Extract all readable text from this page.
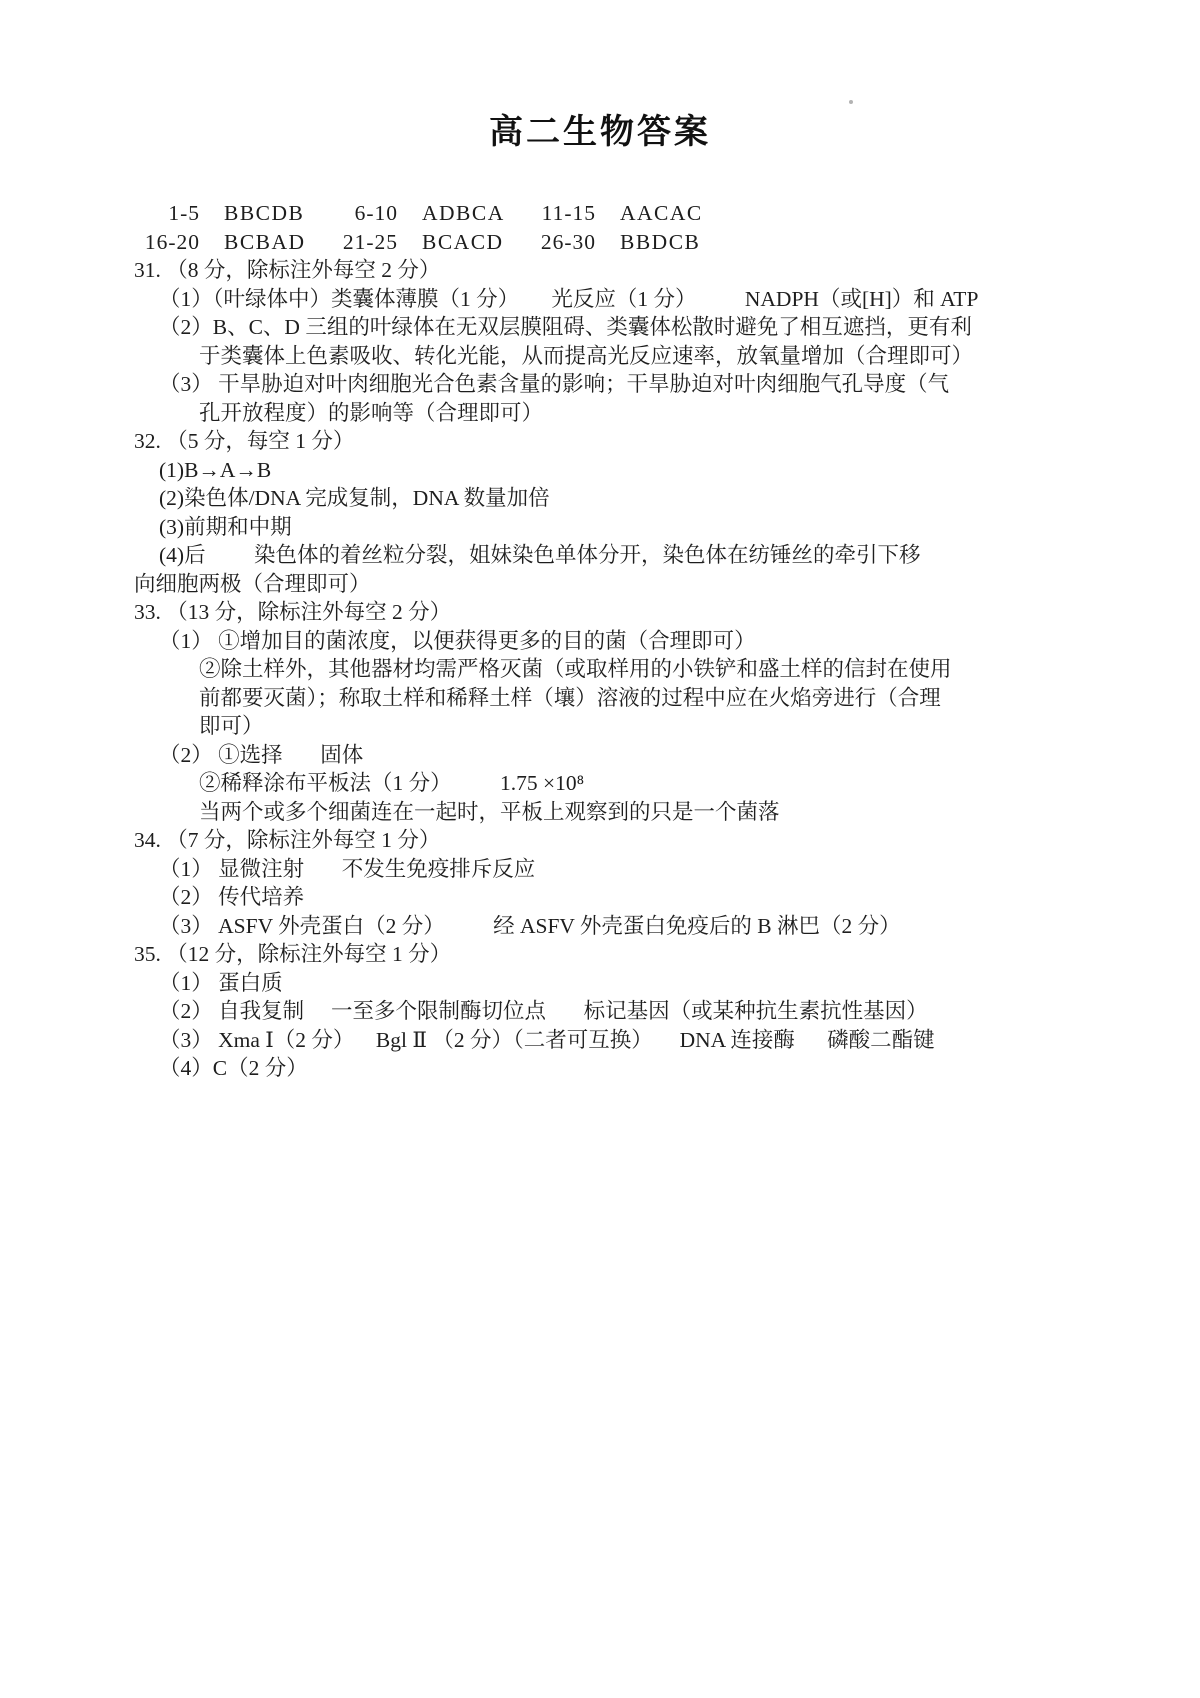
高二生物答案
1-5 BBCDB	6-10 ADBCA	11-15 AACAC
16-20 BCBAD	21-25 BCACD	26-30 BBDCB
31. （8 分，除标注外每空 2 分）
（1）（叶绿体中）类囊体薄膜（1 分）      光反应（1 分）         NADPH（或[H]）和 ATP
（2）B、C、D 三组的叶绿体在无双层膜阻碍、类囊体松散时避免了相互遮挡，更有利
于类囊体上色素吸收、转化光能，从而提高光反应速率，放氧量增加（合理即可）
（3） 干旱胁迫对叶肉细胞光合色素含量的影响；干旱胁迫对叶肉细胞气孔导度（气
孔开放程度）的影响等（合理即可）
32. （5 分，每空 1 分）
(1)B→A→B
(2)染色体/DNA 完成复制，DNA 数量加倍
(3)前期和中期
(4)后         染色体的着丝粒分裂，姐妹染色单体分开，染色体在纺锤丝的牵引下移
向细胞两极（合理即可）
33. （13 分，除标注外每空 2 分）
（1） ①增加目的菌浓度，以便获得更多的目的菌（合理即可）
②除土样外，其他器材均需严格灭菌（或取样用的小铁铲和盛土样的信封在使用
前都要灭菌）；称取土样和稀释土样（壤）溶液的过程中应在火焰旁进行（合理
即可）
（2） ①选择       固体
②稀释涂布平板法（1 分）         1.75 ×10⁸
当两个或多个细菌连在一起时，平板上观察到的只是一个菌落
34. （7 分，除标注外每空 1 分）
（1） 显微注射       不发生免疫排斥反应
（2） 传代培养
（3） ASFV 外壳蛋白（2 分）         经 ASFV 外壳蛋白免疫后的 B 淋巴（2 分）
35. （12 分，除标注外每空 1 分）
（1） 蛋白质
（2） 自我复制     一至多个限制酶切位点       标记基因（或某种抗生素抗性基因）
（3） Xma Ⅰ（2 分）    Bgl Ⅱ （2 分）（二者可互换）     DNA 连接酶      磷酸二酯键
（4）C（2 分）
